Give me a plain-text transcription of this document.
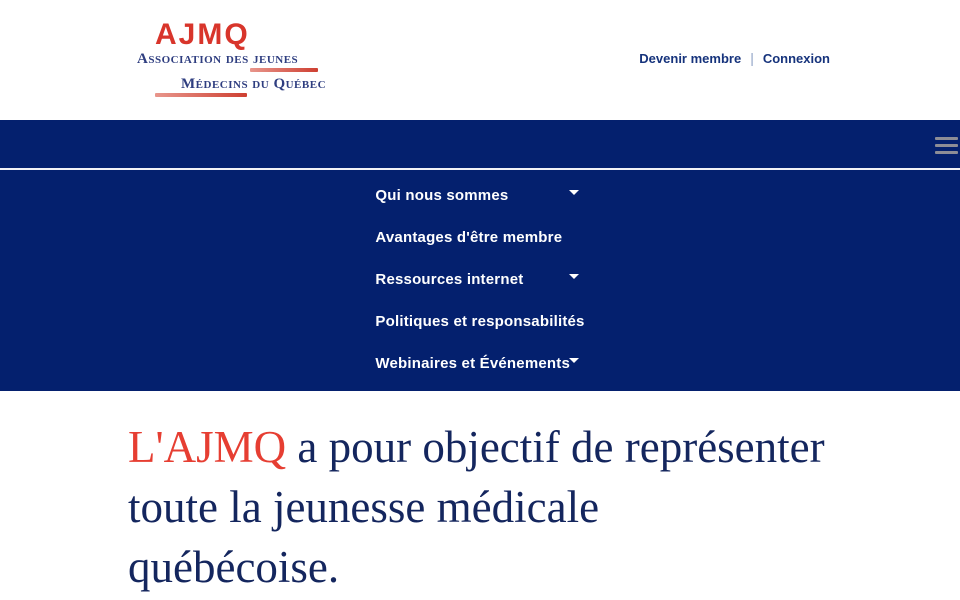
AJMQ
Association des jeunes
Médecins du Québec
Devenir membre | Connexion
Qui nous sommes
Avantages d'être membre
Ressources internet
Politiques et responsabilités
Webinaires et Événements
L'AJMQ a pour objectif de représenter
toute la jeunesse médicale
québécoise.
